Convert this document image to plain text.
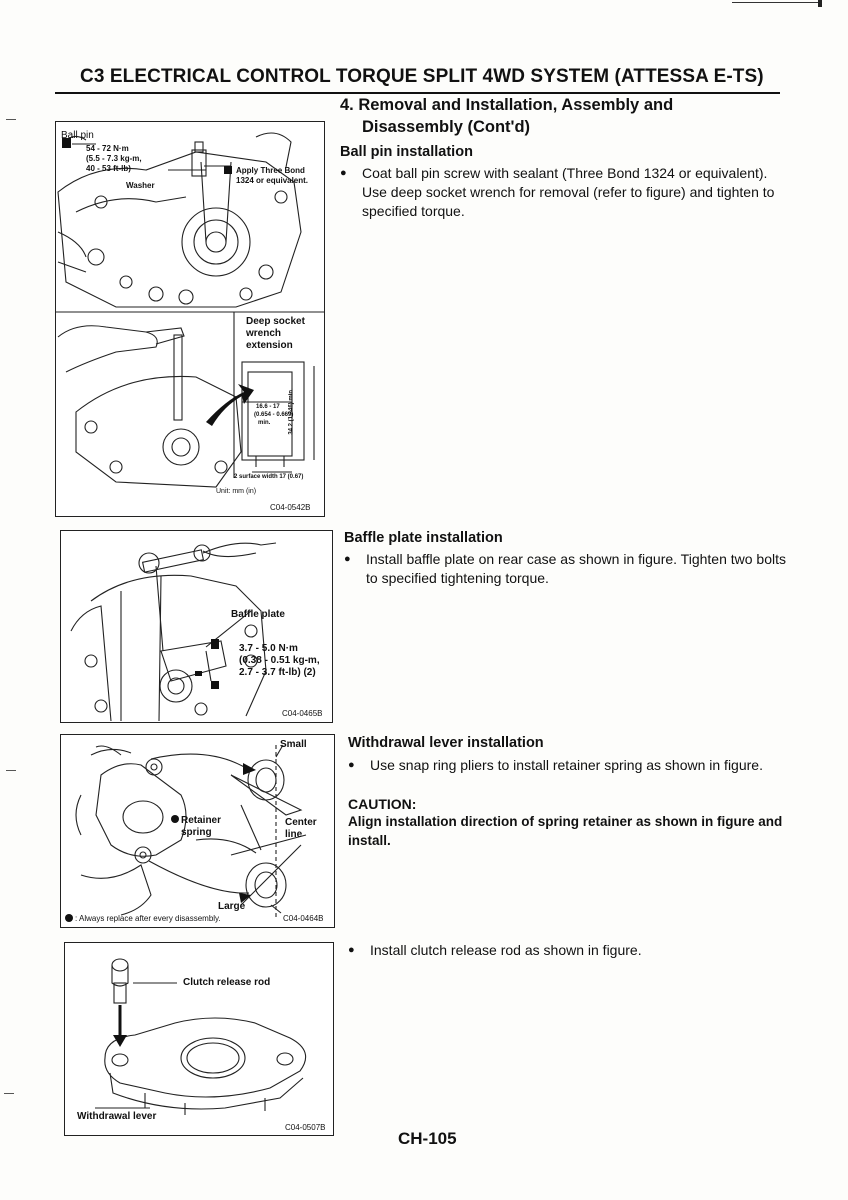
C3 ELECTRICAL CONTROL TORQUE SPLIT 4WD SYSTEM (ATTESSA E-TS)
4. Removal and Installation, Assembly and
Disassembly (Cont'd)
Ball pin installation
● Coat ball pin screw with sealant (Three Bond 1324 or equivalent). Use deep socket wrench for removal (refer to figure) and tighten to specified torque.
Ball pin
54 - 72 N·m
(5.5 - 7.3 kg-m,
40 - 53 ft-lb)
Washer
Apply Three Bond
1324 or equivalent.
Deep socket
wrench
extension
16.6 - 17
(0.654 - 0.669)
min.	34.2 (1.346) min.
2 surface width 17 (0.67)
Unit: mm (in)
C04-0542B
Baffle plate installation
● Install baffle plate on rear case as shown in figure. Tighten two bolts to specified tightening torque.
Baffle plate
3.7 - 5.0 N·m
(0.38 - 0.51 kg-m,
2.7 - 3.7 ft-lb) (2)
C04-0465B
Withdrawal lever installation
● Use snap ring pliers to install retainer spring as shown in figure.
CAUTION:
Align installation direction of spring retainer as shown in figure and install.
Small
Retainer
spring
Center
line
Large
: Always replace after every disassembly.	C04-0464B
● Install clutch release rod as shown in figure.
Clutch release rod
Withdrawal lever
C04-0507B
CH-105
